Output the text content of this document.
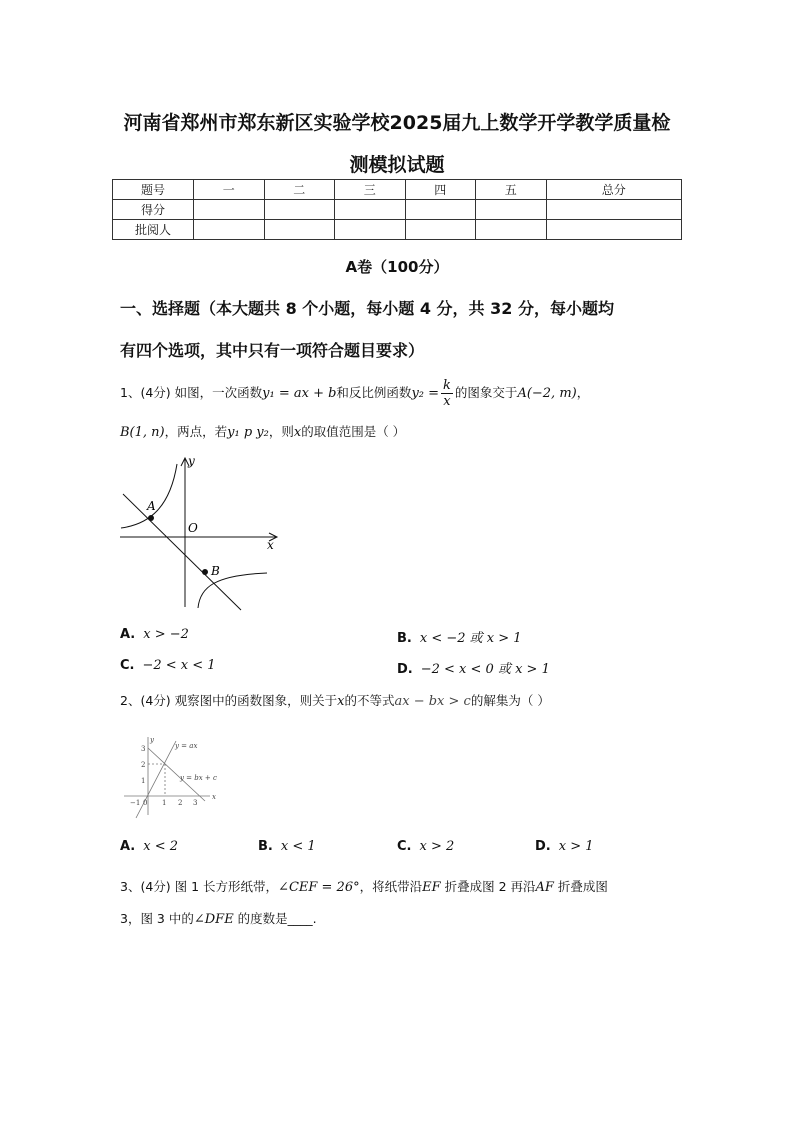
河南省郑州市郑东新区实验学校2025届九上数学开学教学质量检
测模拟试题
题号	一	二	三	四	五	总分
得分						
批阅人						
A卷（100分）
一、选择题（本大题共 8 个小题，每小题 4 分，共 32 分，每小题均
有四个选项，其中只有一项符合题目要求）
1、(4分) 如图，一次函数y₁ = ax + b和反比例函数$y_2 = \frac{k}{x}$ 的图象交于A(−2, m)，
B(1, n)，两点，若y₁ p y₂，则x的取值范围是（ ）
y
x
O
A
B
A. x > −2	B. x < −2 或 x > 1
C. −2 < x < 1	D. −2 < x < 0 或 x > 1
2、(4分) 观察图中的函数图象，则关于x的不等式ax − bx > c的解集为（ ）
y
x
y = ax
y = bx + c
3
2
1
−1 0 1 2 3
A. x < 2	B. x < 1	C. x > 2	D. x > 1
3、(4分) 图 1 长方形纸带，∠CEF = 26°，将纸带沿EF 折叠成图 2 再沿AF 折叠成图
3，图 3 中的∠DFE 的度数是____.
